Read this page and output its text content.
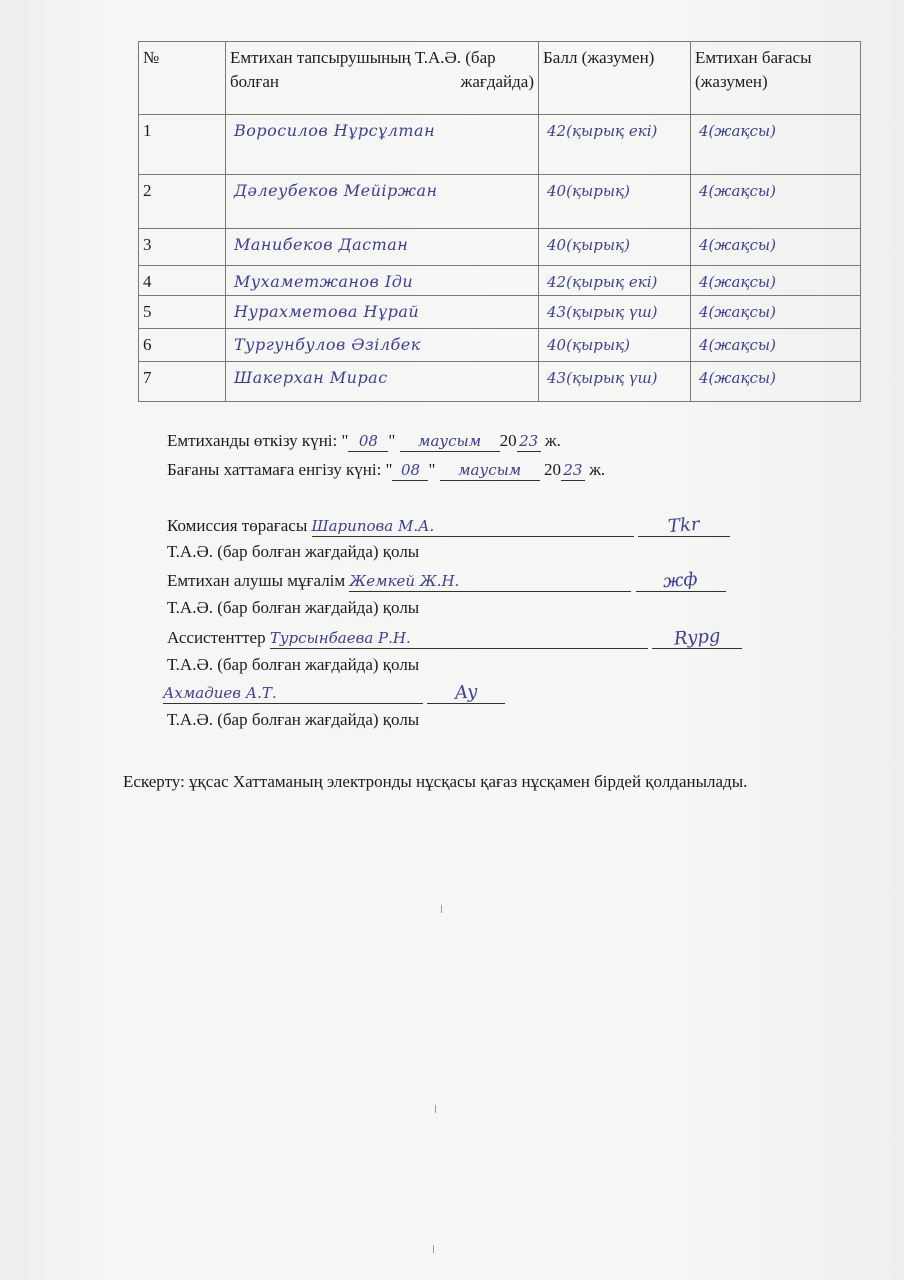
№	Емтихан тапсырушының Т.А.Ә. (бар болған жағдайда)	Балл (жазумен)	Емтихан бағасы (жазумен)
1	Воросилов Нұрсұлтан	42(қырық екі)	4(жақсы)
2	Дәлеубеков Мейіржан	40(қырық)	4(жақсы)
3	Манибеков Дастан	40(қырық)	4(жақсы)
4	Мухаметжанов Іди	42(қырық екі)	4(жақсы)
5	Нурахметова Нұрай	43(қырық үш)	4(жақсы)
6	Тургунбулов Әзілбек	40(қырық)	4(жақсы)
7	Шакерхан Мирас	43(қырық үш)	4(жақсы)
Емтиханды өткізу күні: " 08 " маусым 20 23 ж.
Бағаны хаттамаға енгізу күні: " 08 " маусым 20 23 ж.
Комиссия төрағасы Шарипова М.А.	Tkr
Т.А.Ә. (бар болған жағдайда) қолы
Емтихан алушы мұғалім Жемкей Ж.Н.	жф
Т.А.Ә. (бар болған жағдайда) қолы
Ассистенттер Турсынбаева Р.Н.	Rypg
Т.А.Ә. (бар болған жағдайда) қолы
Ахмадиев А.Т.	Ay
Т.А.Ә. (бар болған жағдайда) қолы
Ескерту: ұқсас Хаттаманың электронды нұсқасы қағаз нұсқамен бірдей қолданылады.
